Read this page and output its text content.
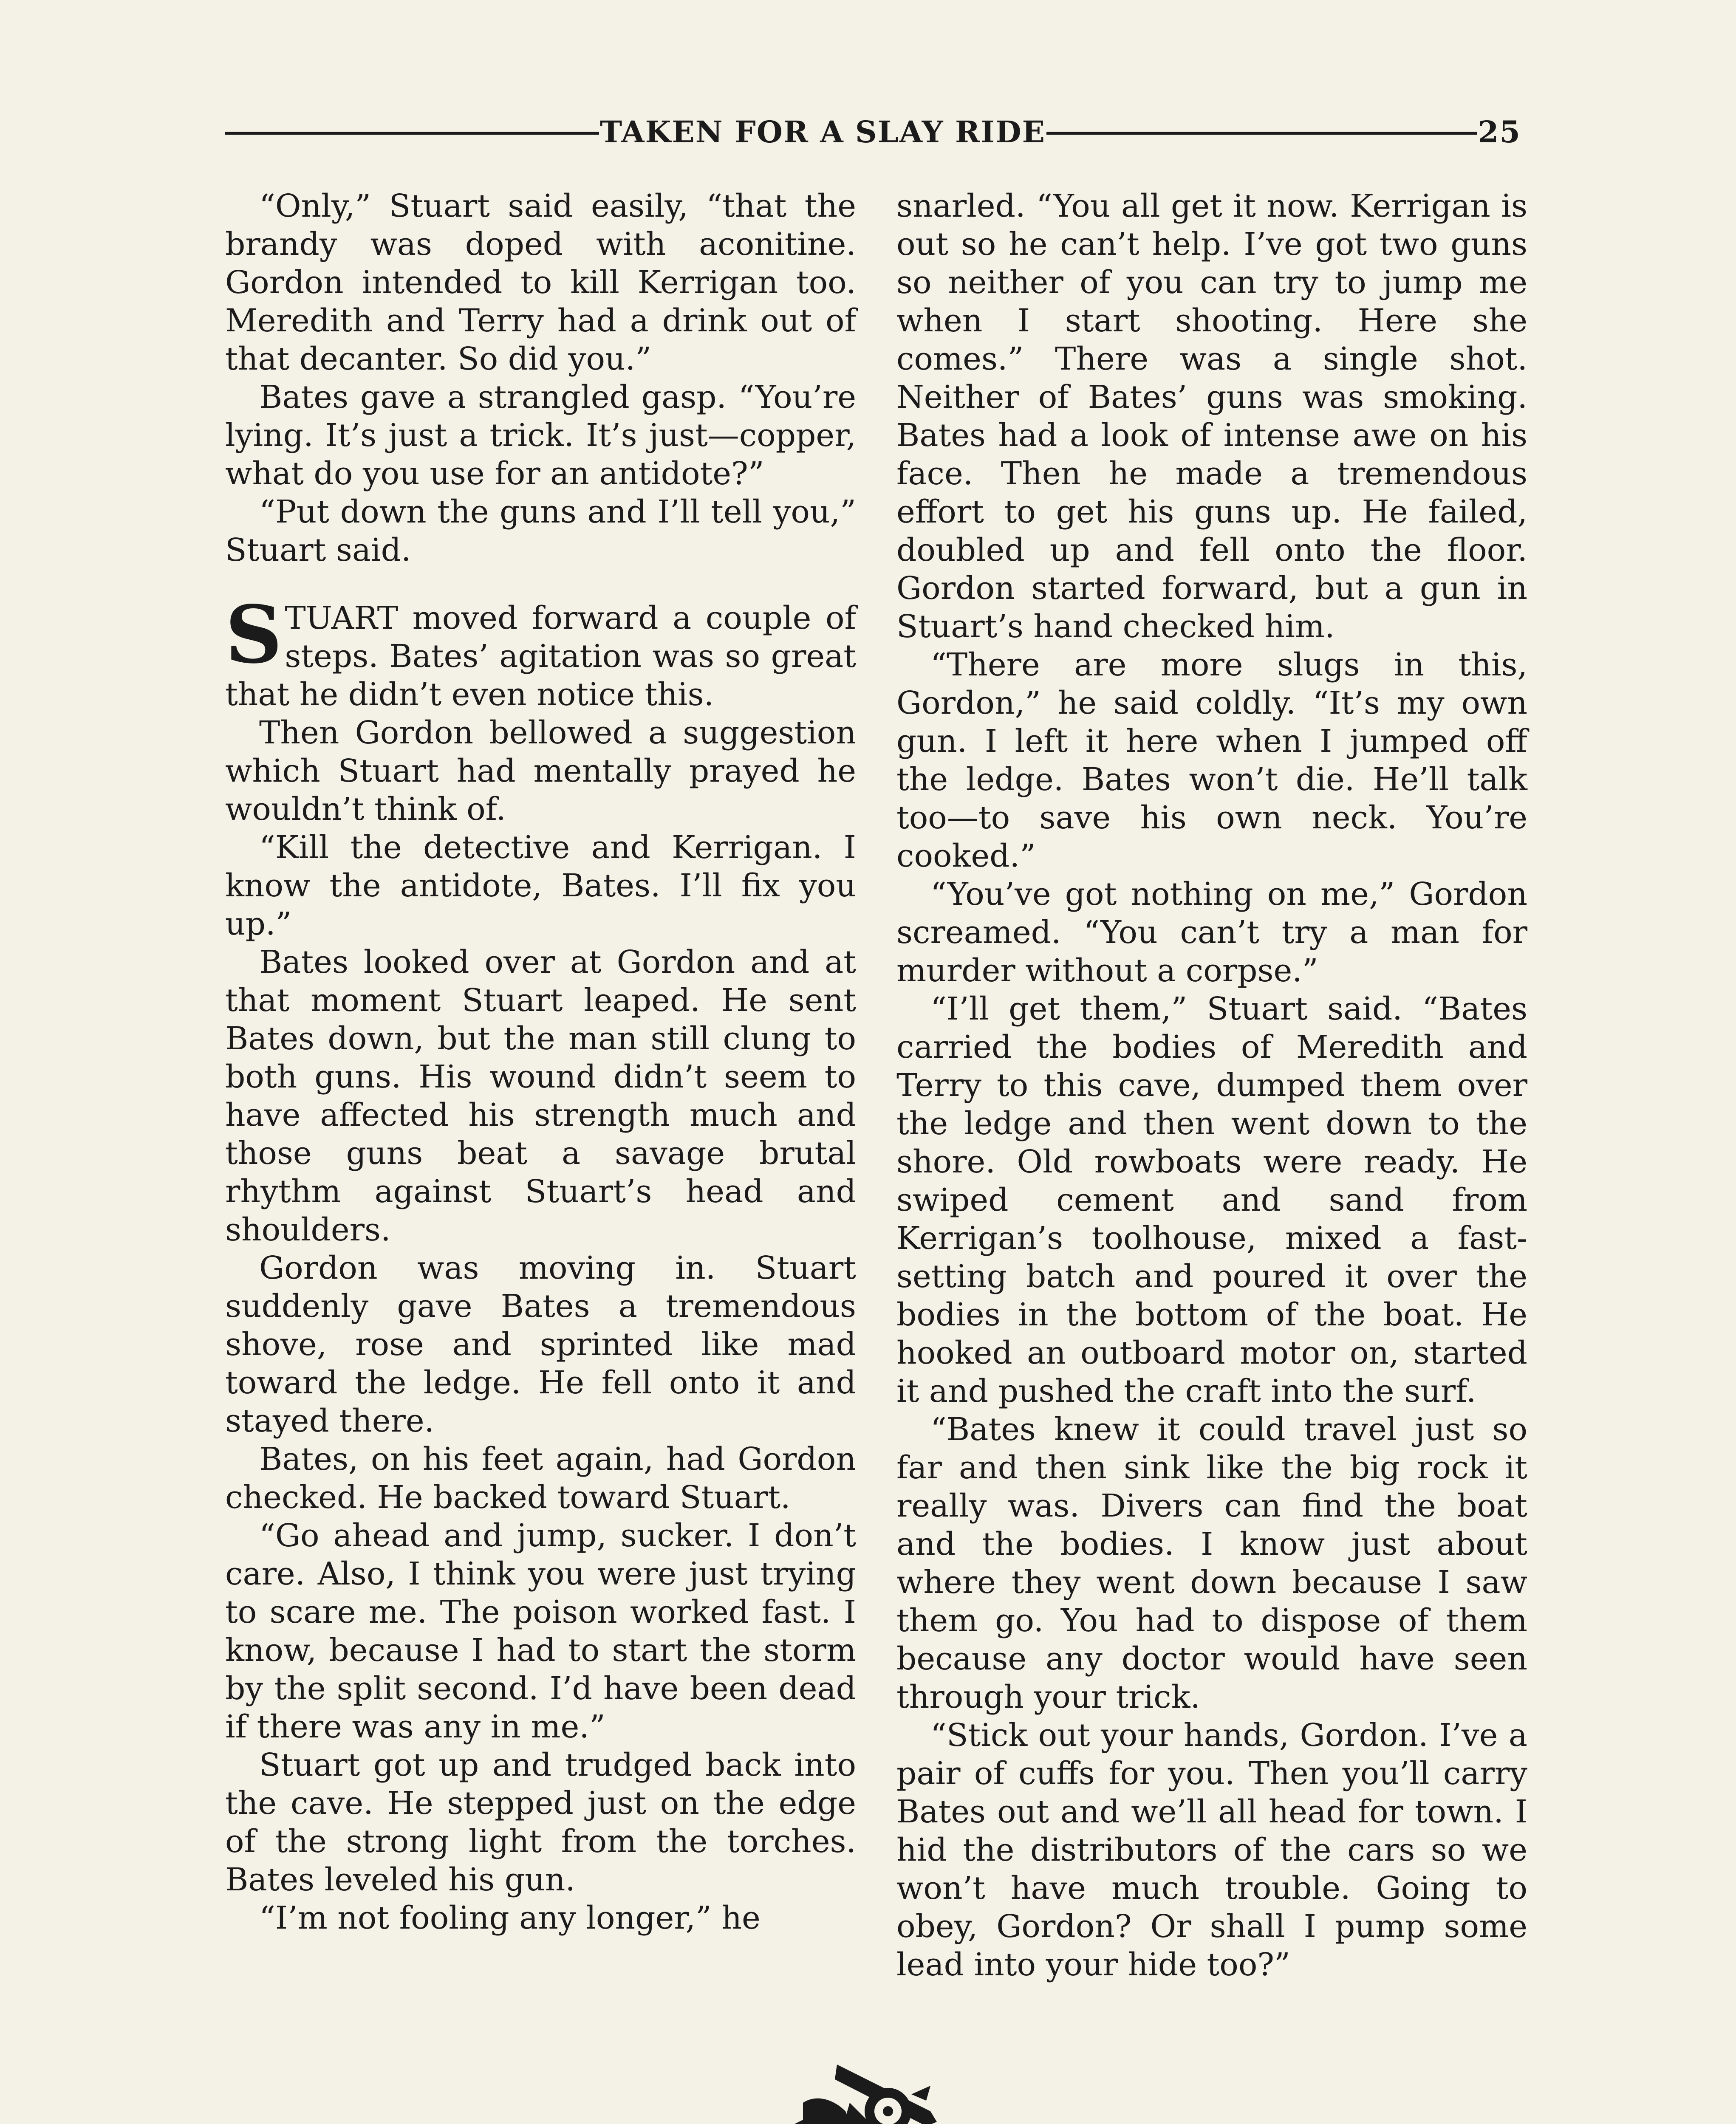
TAKEN FOR A SLAY RIDE	25

“Only,” Stuart said easily, “that the brandy was doped with aconitine. Gordon intended to kill Kerrigan too. Meredith and Terry had a drink out of that decanter. So did you.”

Bates gave a strangled gasp. “You’re lying. It’s just a trick. It’s just—copper, what do you use for an antidote?”

“Put down the guns and I’ll tell you,” Stuart said.

STUART moved forward a couple of steps. Bates’ agitation was so great that he didn’t even notice this.

Then Gordon bellowed a suggestion which Stuart had mentally prayed he wouldn’t think of.

“Kill the detective and Kerrigan. I know the antidote, Bates. I’ll fix you up.”

Bates looked over at Gordon and at that moment Stuart leaped. He sent Bates down, but the man still clung to both guns. His wound didn’t seem to have affected his strength much and those guns beat a savage brutal rhythm against Stuart’s head and shoulders.

Gordon was moving in. Stuart suddenly gave Bates a tremendous shove, rose and sprinted like mad toward the ledge. He fell onto it and stayed there.

Bates, on his feet again, had Gordon checked. He backed toward Stuart.

“Go ahead and jump, sucker. I don’t care. Also, I think you were just trying to scare me. The poison worked fast. I know, because I had to start the storm by the split second. I’d have been dead if there was any in me.”

Stuart got up and trudged back into the cave. He stepped just on the edge of the strong light from the torches. Bates leveled his gun.

“I’m not fooling any longer,” he

snarled. “You all get it now. Kerrigan is out so he can’t help. I’ve got two guns so neither of you can try to jump me when I start shooting. Here she comes.” There was a single shot. Neither of Bates’ guns was smoking. Bates had a look of intense awe on his face. Then he made a tremendous effort to get his guns up. He failed, doubled up and fell onto the floor. Gordon started forward, but a gun in Stuart’s hand checked him.

“There are more slugs in this, Gordon,” he said coldly. “It’s my own gun. I left it here when I jumped off the ledge. Bates won’t die. He’ll talk too—to save his own neck. You’re cooked.”

“You’ve got nothing on me,” Gordon screamed. “You can’t try a man for murder without a corpse.”

“I’ll get them,” Stuart said. “Bates carried the bodies of Meredith and Terry to this cave, dumped them over the ledge and then went down to the shore. Old rowboats were ready. He swiped cement and sand from Kerrigan’s toolhouse, mixed a fast-setting batch and poured it over the bodies in the bottom of the boat. He hooked an outboard motor on, started it and pushed the craft into the surf.

“Bates knew it could travel just so far and then sink like the big rock it really was. Divers can find the boat and the bodies. I know just about where they went down because I saw them go. You had to dispose of them because any doctor would have seen through your trick.

“Stick out your hands, Gordon. I’ve a pair of cuffs for you. Then you’ll carry Bates out and we’ll all head for town. I hid the distributors of the cars so we won’t have much trouble. Going to obey, Gordon? Or shall I pump some lead into your hide too?”
